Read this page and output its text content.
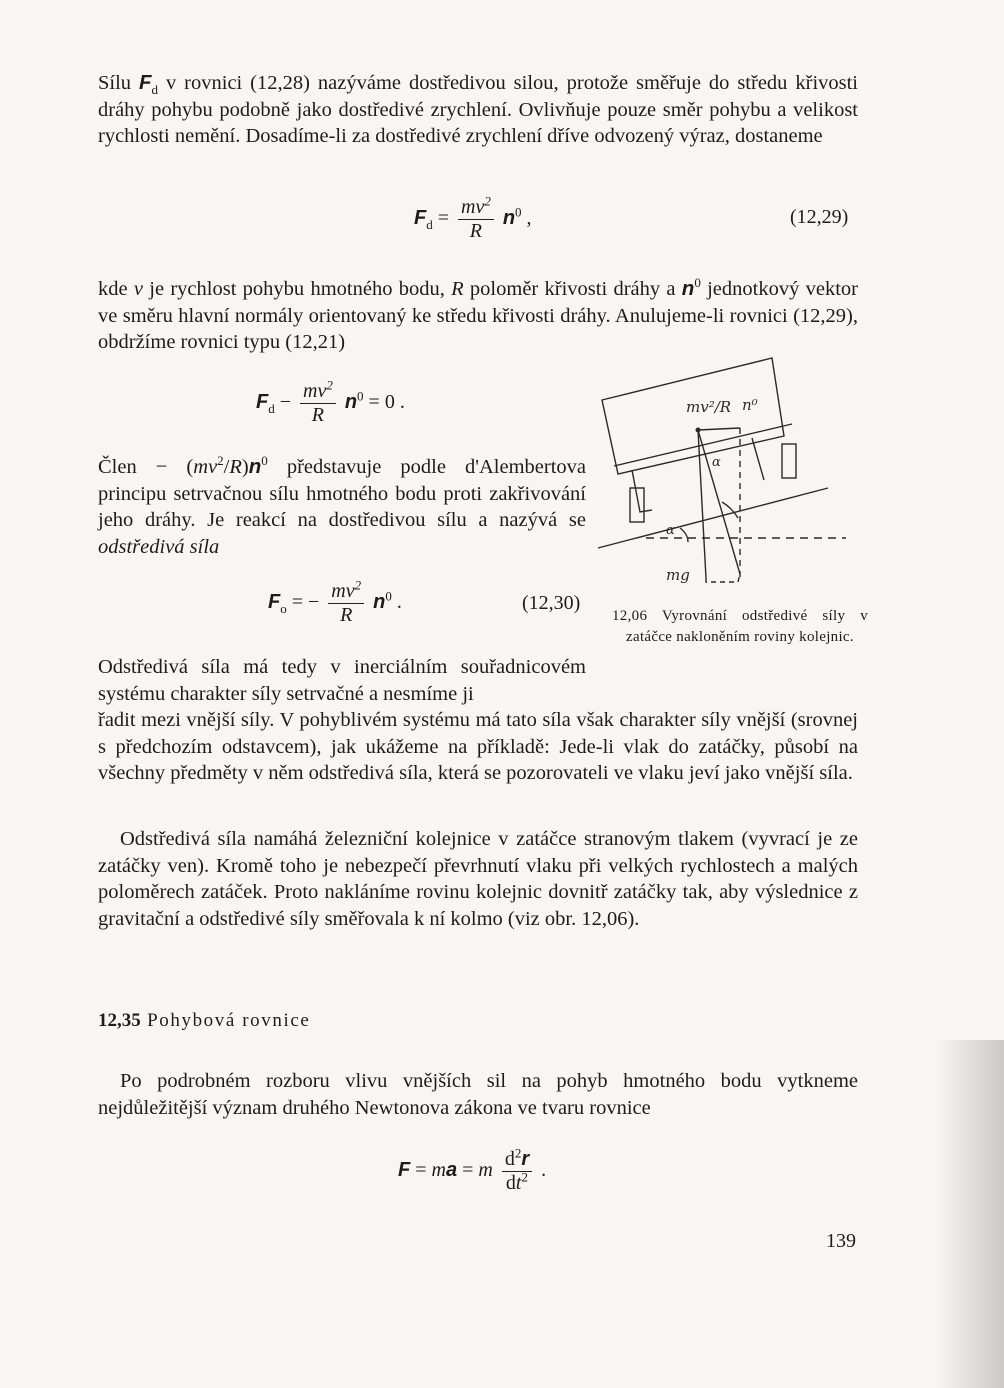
Sílu $F_d$ v rovnici (12,28) nazýváme dostředivou silou, protože směřuje do středu křivosti dráhy pohybu podobně jako dostředivé zrychlení. Ovlivňuje pouze směr pohybu a velikost rychlosti nemění. Dosadíme-li za dostředivé zrychlení dříve odvozený výraz, dostaneme

$F_d = \frac{mv^2}{R} n^0$ ,	(12,29)

kde v je rychlost pohybu hmotného bodu, R poloměr křivosti dráhy a $n^0$ jednotkový vektor ve směru hlavní normály orientovaný ke středu křivosti dráhy. Anulujeme-li rovnici (12,29), obdržíme rovnici typu (12,21)

$F_d - \frac{mv^2}{R} n^0 = 0$ .

Člen − $(mv^2/R)n^0$ představuje podle d'Alembertova principu setrvačnou sílu hmotného bodu proti zakřivování jeho dráhy. Je reakcí na dostředivou sílu a nazývá se odstředivá síla

$F_o$ = − $\frac{mv^2}{R} n^0$ .	(12,30)
Odstředivá síla má tedy v inerciálním souřadnicovém systému charakter síly setrvačné a nesmíme ji
řadit mezi vnější síly. V pohyblivém systému má tato síla však charakter síly vnější (srovnej s předchozím odstavcem), jak ukážeme na příkladě: Jede-li vlak do zatáčky, působí na všechny předměty v něm odstředivá síla, která se pozorovateli ve vlaku jeví jako vnější síla.
Odstředivá síla namáhá železniční kolejnice v zatáčce stranovým tlakem (vyvrací je ze zatáčky ven). Kromě toho je nebezpečí převrhnutí vlaku při velkých rychlostech a malých poloměrech zatáček. Proto nakláníme rovinu kolejnic dovnitř zatáčky tak, aby výslednice z gravitační a odstředivé síly směřovala k ní kolmo (viz obr. 12,06).
12,35 Pohybová rovnice
Po podrobném rozboru vlivu vnějších sil na pohyb hmotného bodu vytkneme nejdůležitější význam druhého Newtonova zákona ve tvaru rovnice
F = ma = m $\frac{d^2r}{dt^2}$ .
mv²/R n⁰
α
α
mg
12,06 Vyrovnání odstředivé síly v zatáčce nakloněním roviny kolejnic.
139
